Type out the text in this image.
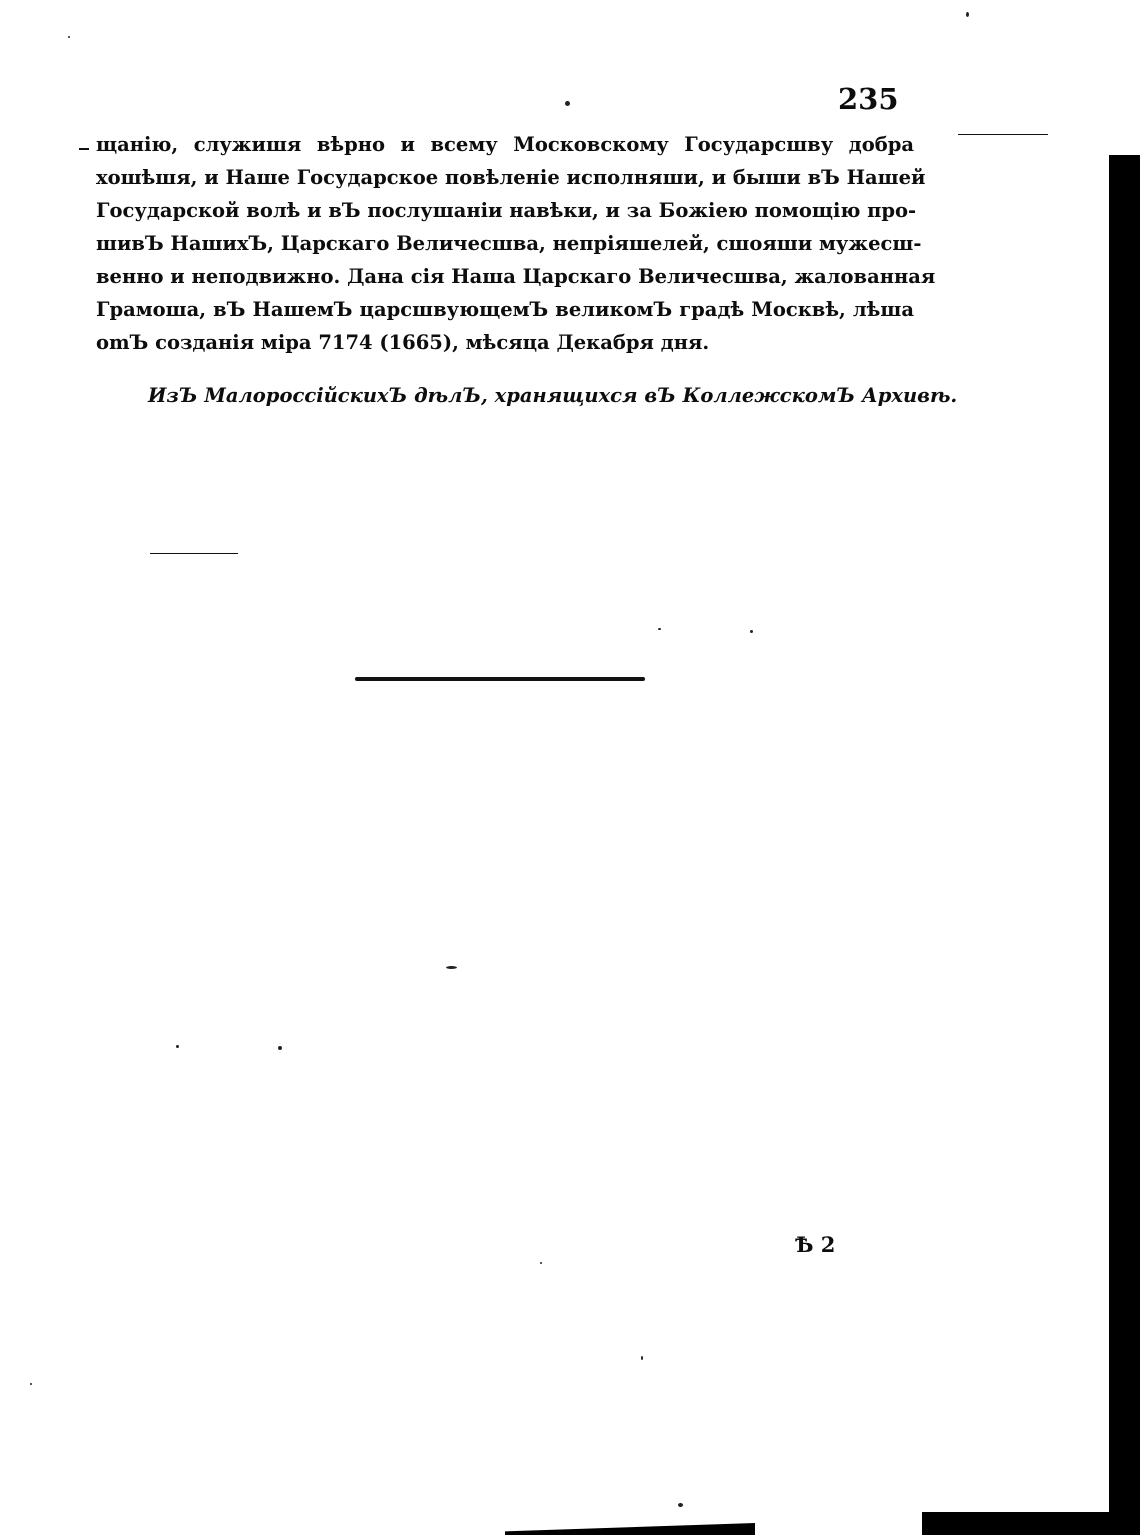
235
щанію, служишя вѣрно и всему Московскому Государсшву добра
хошѣшя, и Наше Государское повѣленіе исполняши, и быши вЪ Нашей
Государской волѣ и вЪ послушаніи навѣки, и за Божіею помощію про-
шивЪ НашихЪ, Царскаго Величесшва, непріяшелей, сшояши мужесш-
венно и неподвижно. Дана сія Наша Царскаго Величесшва, жалованная
Грамоша, вЪ НашемЪ царсшвующемЪ великомЪ градѣ Москвѣ, лѣша
omЪ созданія міра 7174 (1665), мѣсяца Декабря дня.
ИзЪ МалороссійскихЪ дѣлЪ, хранящихся вЪ КоллежскомЪ Архивѣ.
Ѣ 2
